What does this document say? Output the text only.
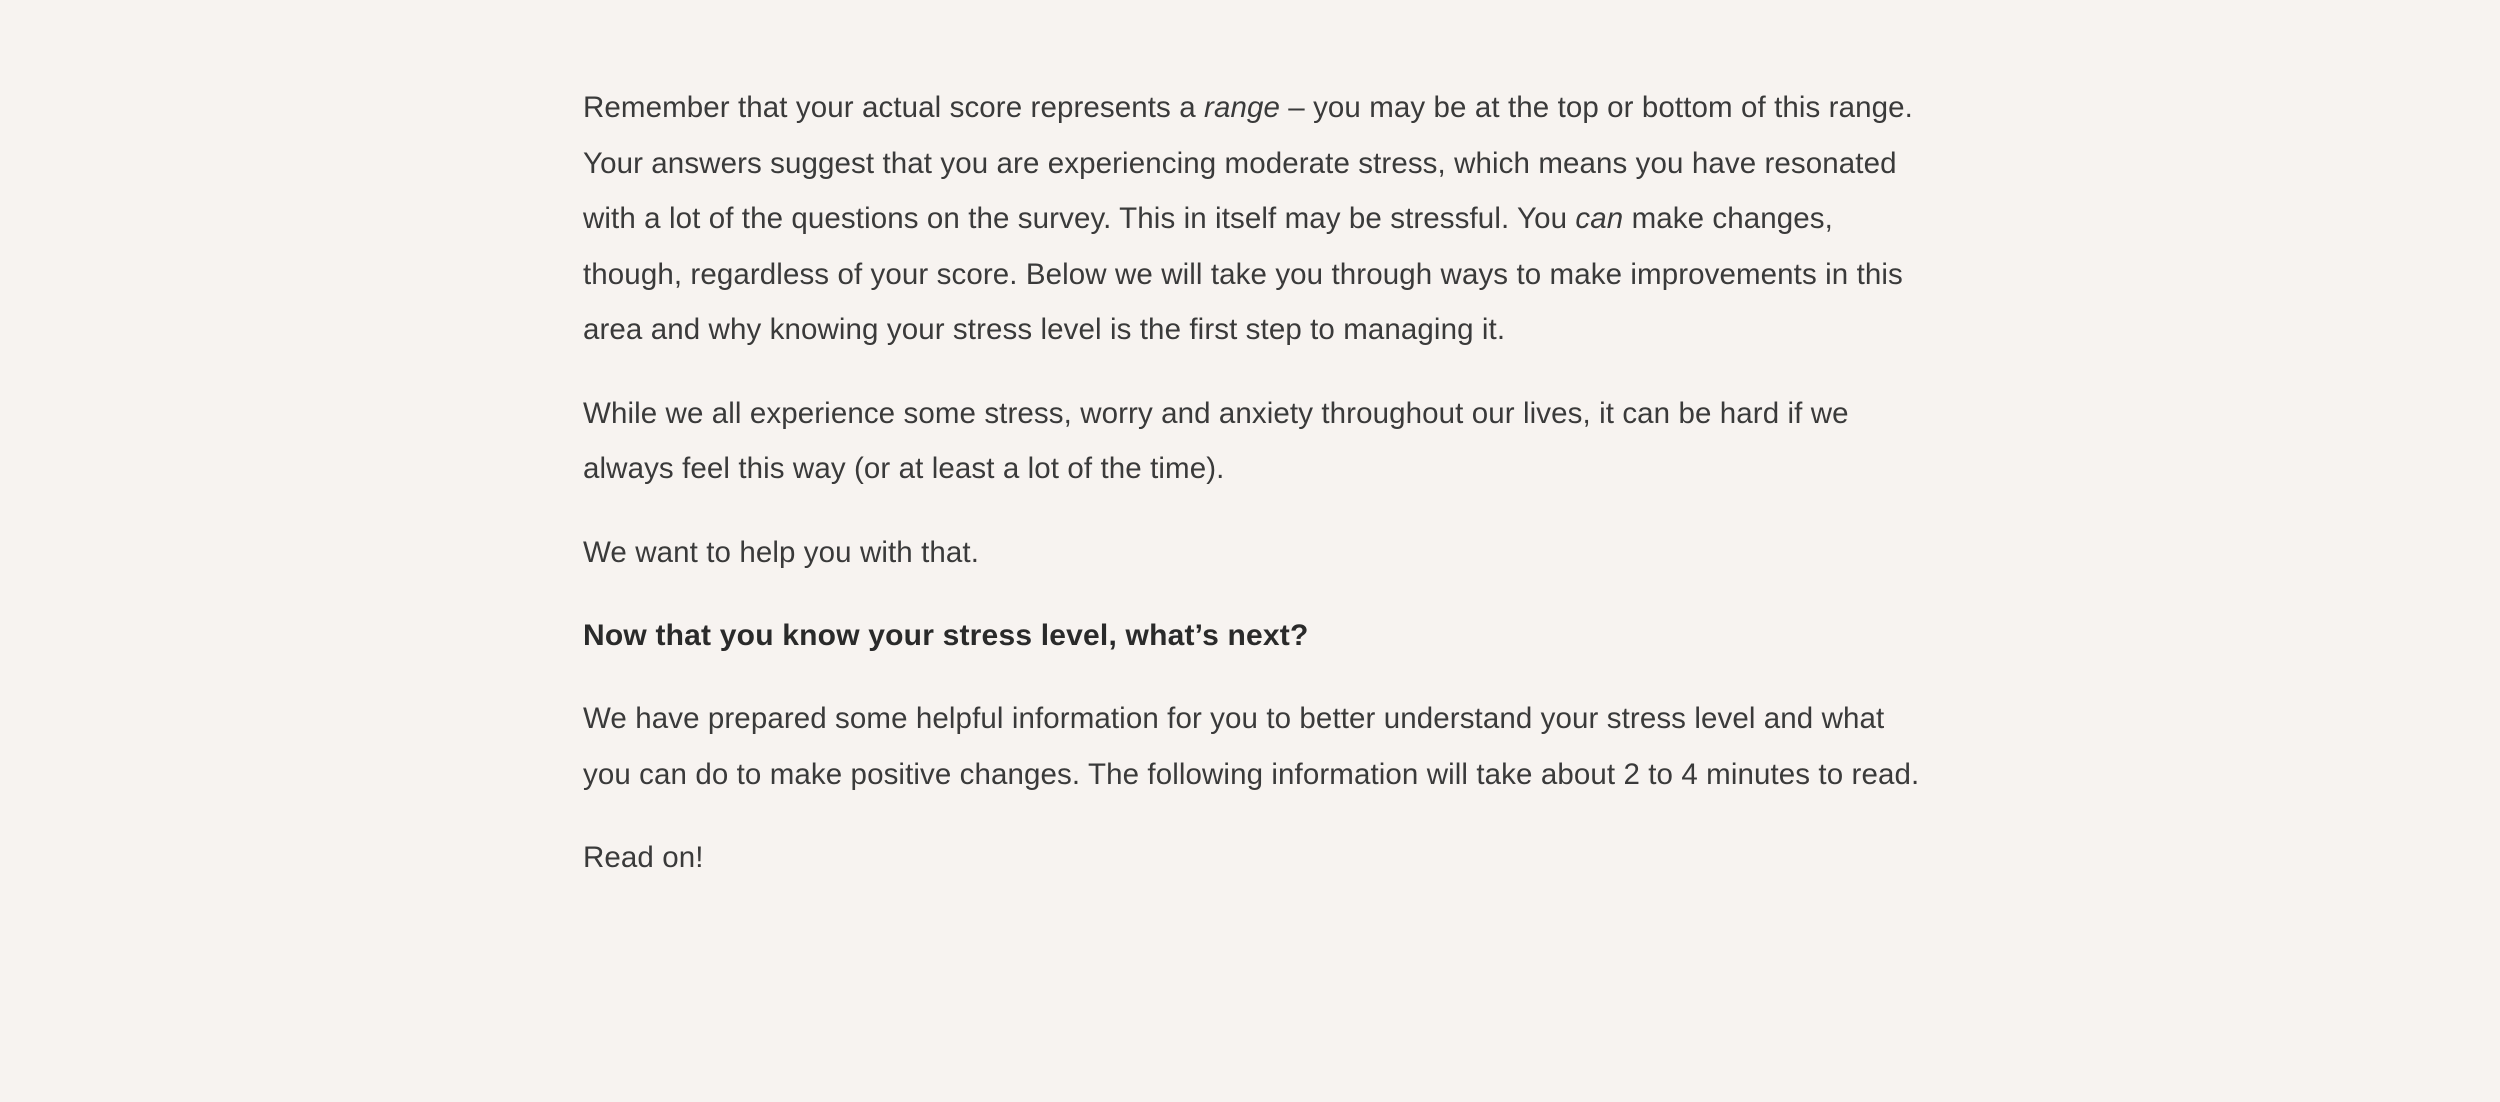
Remember that your actual score represents a range – you may be at the top or bottom of this range. Your answers suggest that you are experiencing moderate stress, which means you have resonated with a lot of the questions on the survey. This in itself may be stressful. You can make changes, though, regardless of your score. Below we will take you through ways to make improvements in this area and why knowing your stress level is the first step to managing it.

While we all experience some stress, worry and anxiety throughout our lives, it can be hard if we always feel this way (or at least a lot of the time).

We want to help you with that.

Now that you know your stress level, what’s next?

We have prepared some helpful information for you to better understand your stress level and what you can do to make positive changes. The following information will take about 2 to 4 minutes to read.

Read on!
